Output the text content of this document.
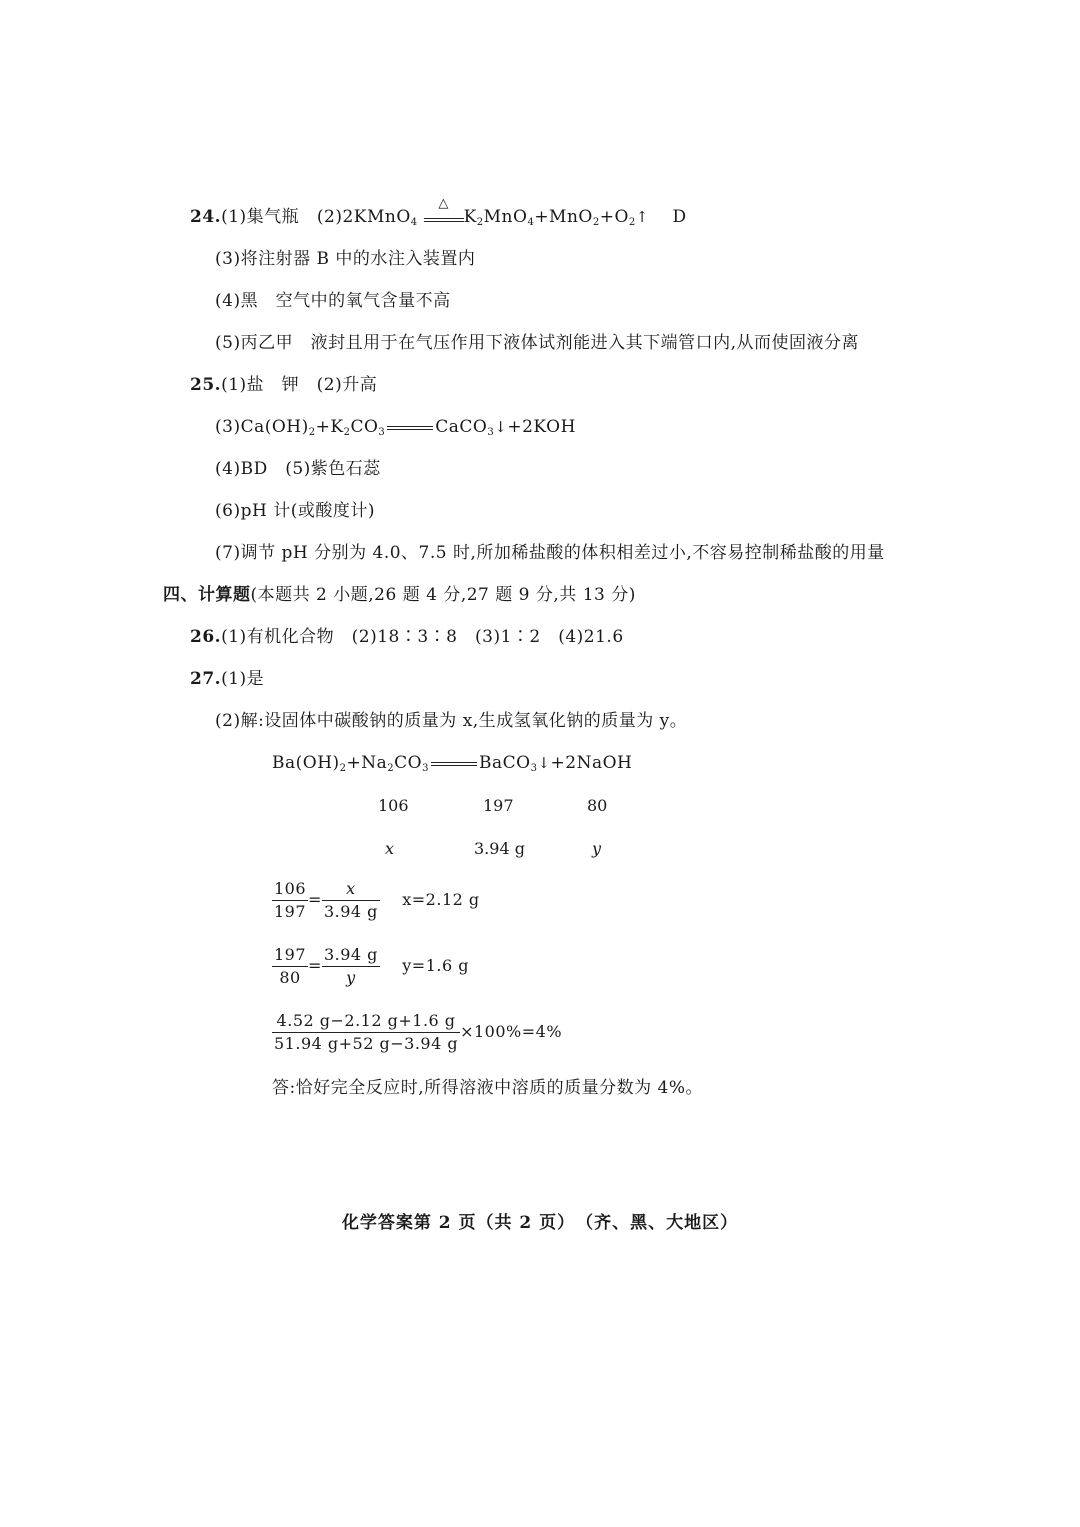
24.(1)集气瓶 (2)2KMnO$_4$
△
$K_2MnO_4+MnO_2+O_2↑$ D
(3)将注射器 B 中的水注入装置内
(4)黑　空气中的氧气含量不高
(5)丙乙甲　液封且用于在气压作用下液体试剂能进入其下端管口内,从而使固液分离
25.(1)盐　钾　(2)升高
$(3)Ca(OH)_2+K_2CO_3$	CaCO$_3$↓+2KOH
(4)BD　(5)紫色石蕊
(6)pH 计(或酸度计)
(7)调节 pH 分别为 4.0、7.5 时,所加稀盐酸的体积相差过小,不容易控制稀盐酸的用量
四、计算题(本题共 2 小题,26 题 4 分,27 题 9 分,共 13 分)
26.(1)有机化合物　(2)18∶3∶8　(3)1∶2　(4)21.6
27.(1)是
(2)解:设固体中碳酸钠的质量为 x,生成氢氧化钠的质量为 y。
$Ba(OH)_2+Na_2CO_3$	BaCO$_3$↓+2NaOH
106	197	80
x	3.94 g	y
$\frac{106}{197} = \frac{x}{3.94 g} x=2.12$ g
$\frac{197}{80} = \frac{3.94 g}{y} y=1.6$ g
$\frac{4.52 g-2.12 g+1.6 g}{51.94 g+52 g-3.94 g} \times 100\%=4\%$
答:恰好完全反应时,所得溶液中溶质的质量分数为 4%。
化学答案第 2 页（共 2 页）　（齐、黑、大地区）
